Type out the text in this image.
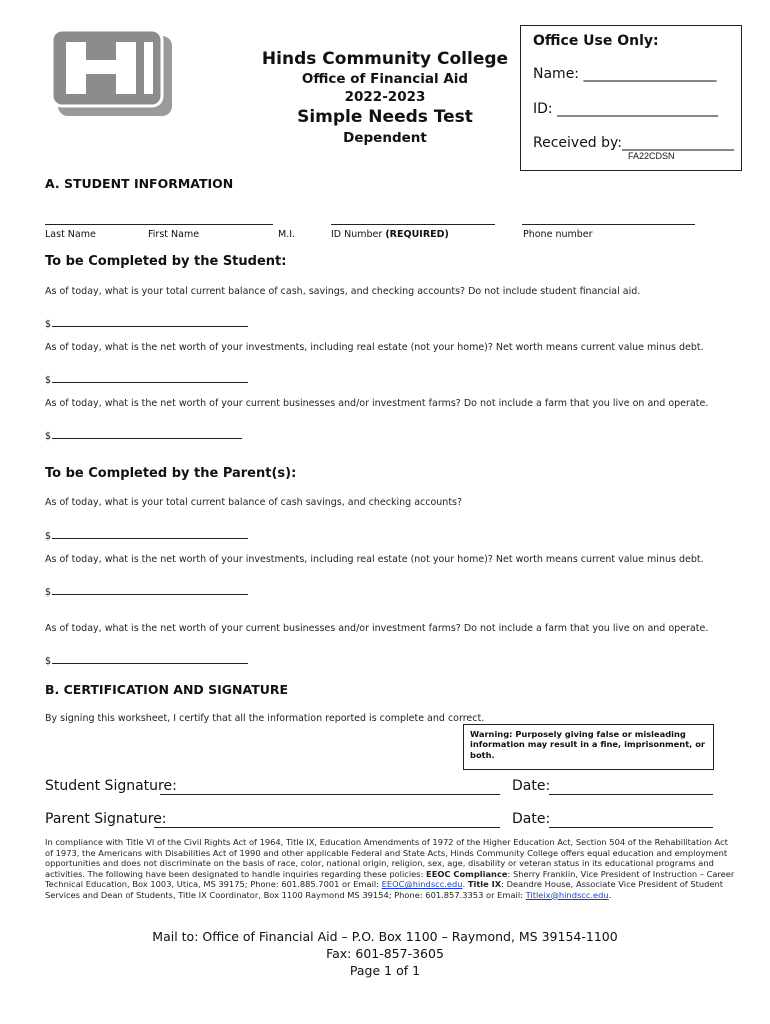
Hinds Community College
Office of Financial Aid
2022-2023
Simple Needs Test
Dependent
Office Use Only:
Name: ___________________
ID: _______________________
Received by:________________
FA22CDSN
A. STUDENT INFORMATION
Last Name	First Name	M.I.	ID Number (REQUIRED)	Phone number
To be Completed by the Student:
As of today, what is your total current balance of cash, savings, and checking accounts? Do not include student financial aid.
$
As of today, what is the net worth of your investments, including real estate (not your home)? Net worth means current value minus debt.
$
As of today, what is the net worth of your current businesses and/or investment farms? Do not include a farm that you live on and operate.
$
To be Completed by the Parent(s):
As of today, what is your total current balance of cash savings, and checking accounts?
$
As of today, what is the net worth of your investments, including real estate (not your home)? Net worth means current value minus debt.
$
As of today, what is the net worth of your current businesses and/or investment farms? Do not include a farm that you live on and operate.
$
B. CERTIFICATION AND SIGNATURE
By signing this worksheet, I certify that all the information reported is complete and correct.
Warning: Purposely giving false or misleading information may result in a fine, imprisonment, or both.
Student Signature:	Date:
Parent Signature:	Date:
In compliance with Title VI of the Civil Rights Act of 1964, Title IX, Education Amendments of 1972 of the Higher Education Act, Section 504 of the Rehabilitation Act of 1973, the Americans with Disabilities Act of 1990 and other applicable Federal and State Acts, Hinds Community College offers equal education and employment opportunities and does not discriminate on the basis of race, color, national origin, religion, sex, age, disability or veteran status in its educational programs and activities. The following have been designated to handle inquiries regarding these policies: EEOC Compliance: Sherry Franklin, Vice President of Instruction – Career Technical Education, Box 1003, Utica, MS 39175; Phone: 601.885.7001 or Email: EEOC@hindscc.edu. Title IX: Deandre House, Associate Vice President of Student Services and Dean of Students, Title IX Coordinator, Box 1100 Raymond MS 39154; Phone: 601.857.3353 or Email: Titleix@hindscc.edu.
Mail to: Office of Financial Aid – P.O. Box 1100 – Raymond, MS 39154-1100
Fax: 601-857-3605
Page 1 of 1
